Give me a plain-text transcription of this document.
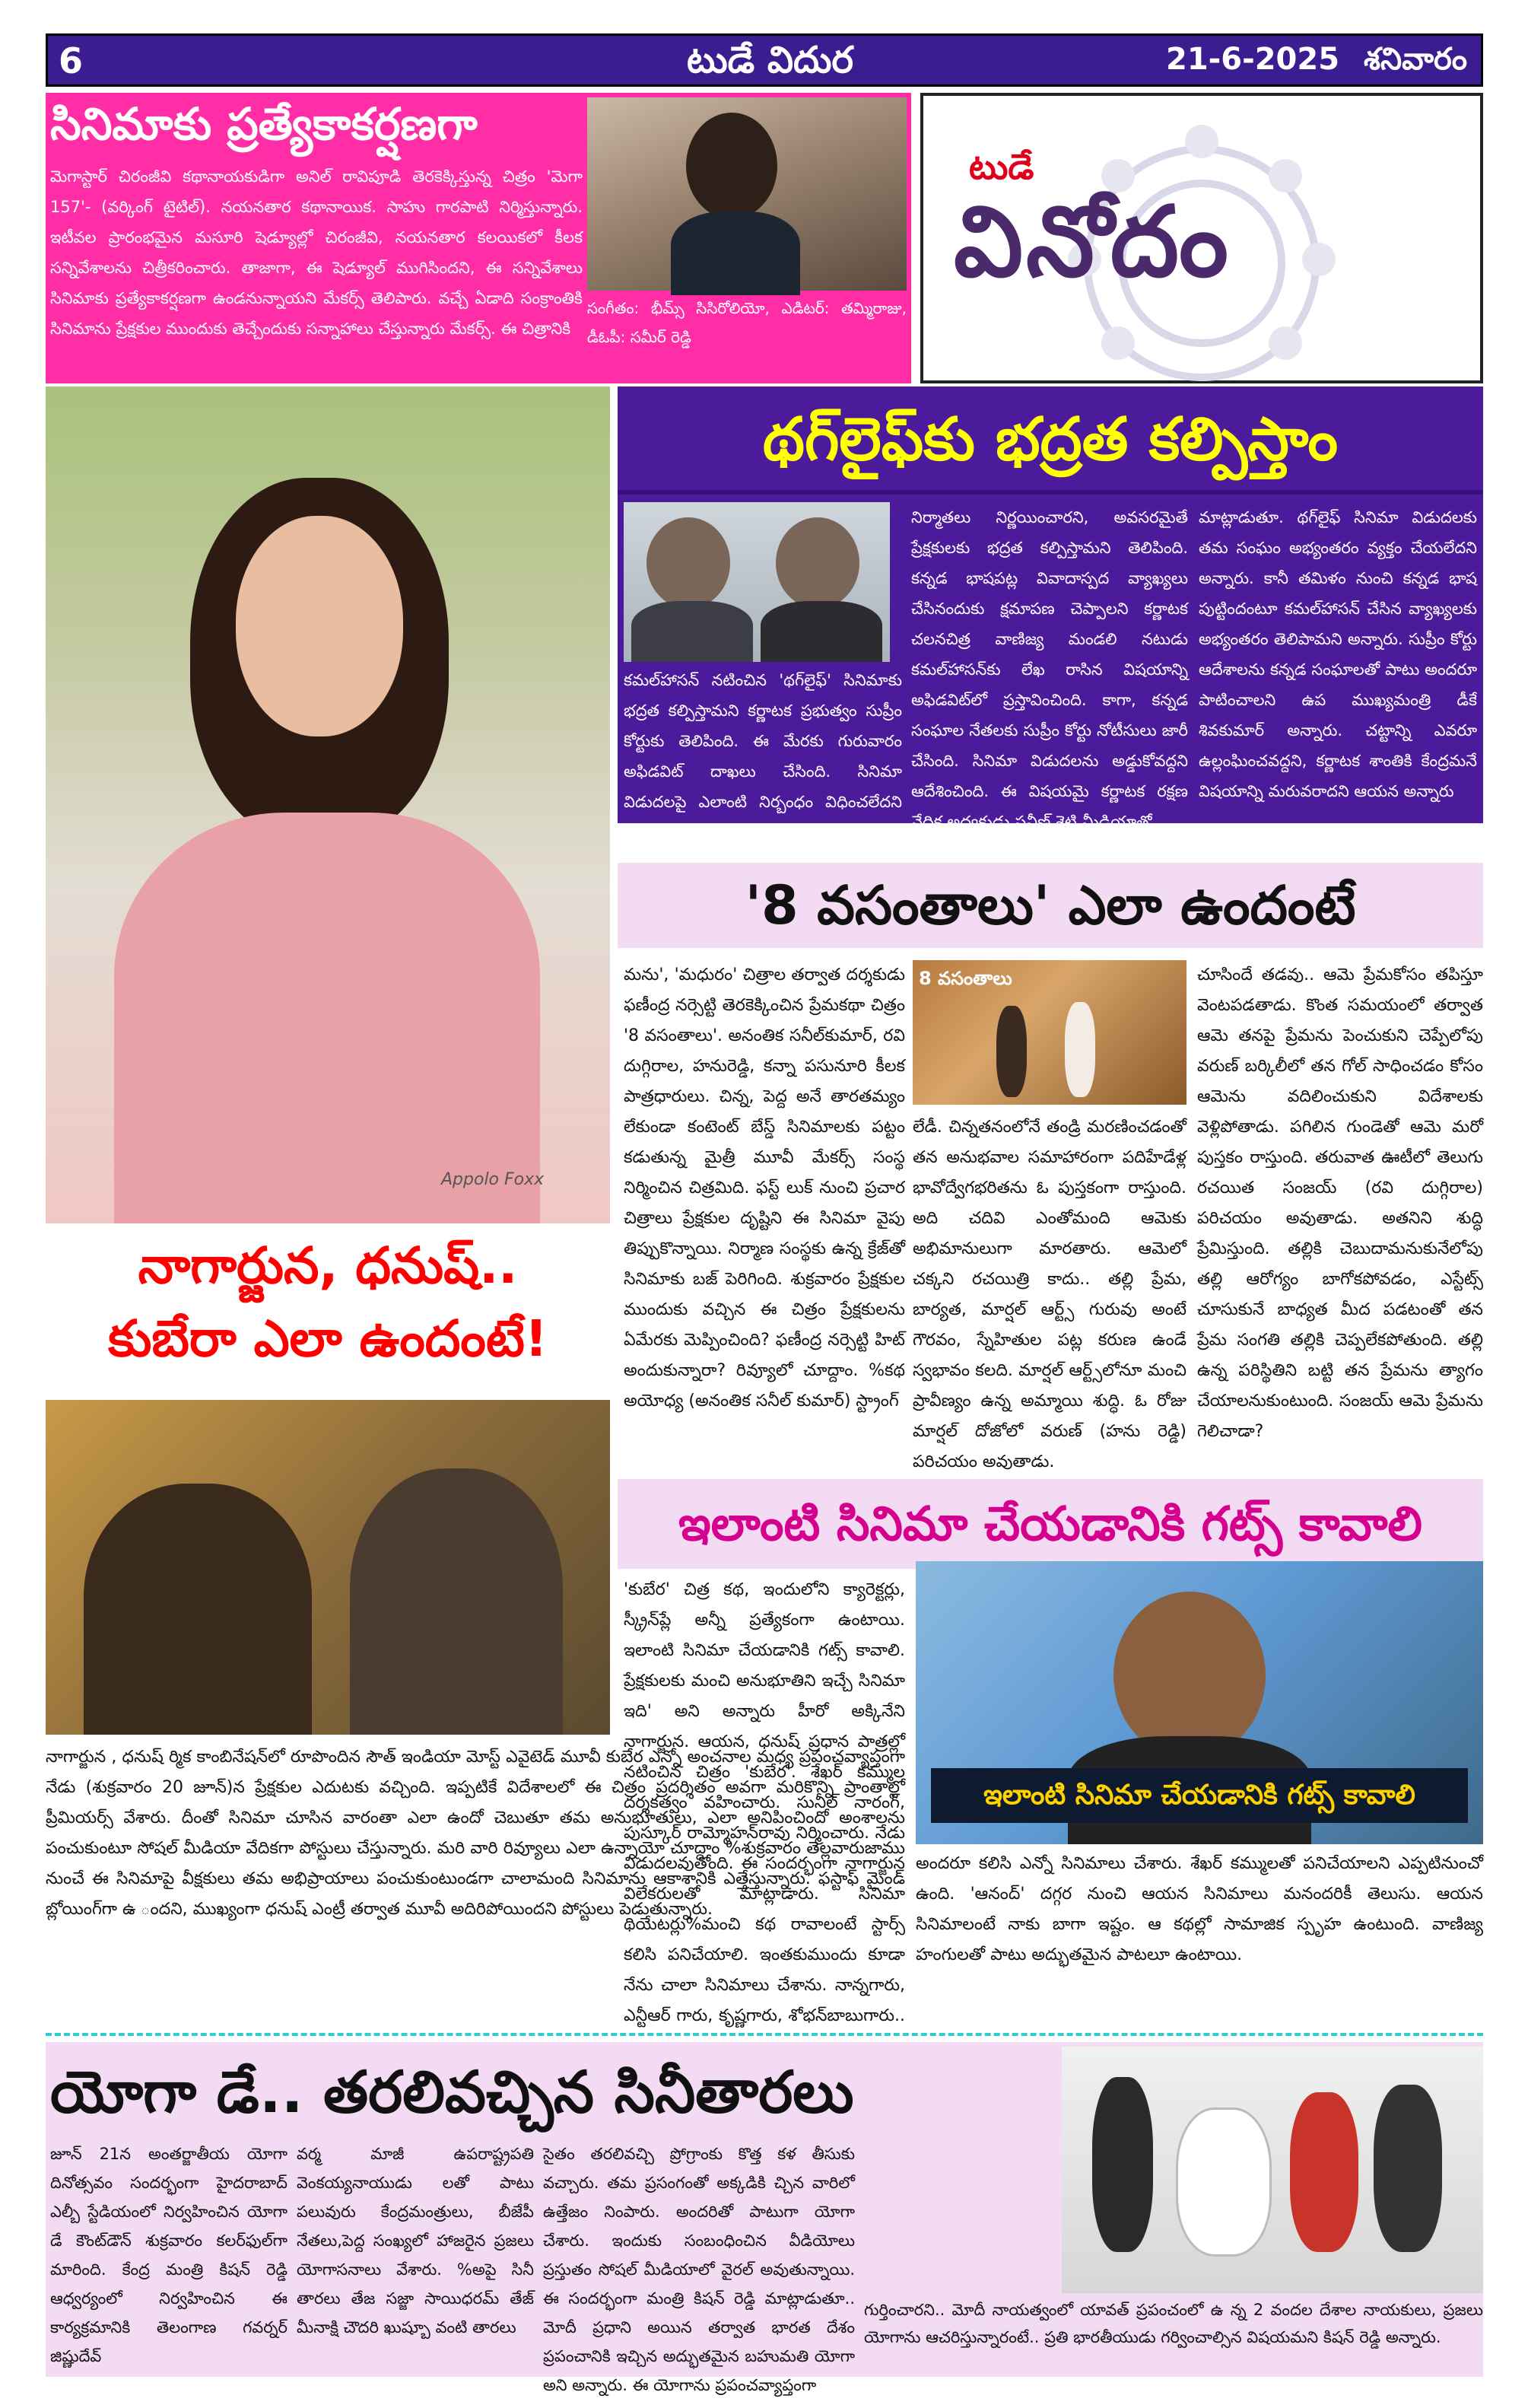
6	టుడే విదుర	21-6-2025 శనివారం
సినిమాకు ప్రత్యేకాకర్షణగా
మెగాస్టార్ చిరంజీవి కథానాయకుడిగా అనిల్ రావిపూడి తెరకెక్కిస్తున్న చిత్రం 'మెగా 157'- (వర్కింగ్ టైటిల్). నయనతార కథానాయిక. సాహు గారపాటి నిర్మిస్తున్నారు. ఇటీవల ప్రారంభమైన మసూరి షెడ్యూల్లో చిరంజీవి, నయనతార కలయికలో కీలక సన్నివేశాలను చిత్రీకరించారు. తాజాగా, ఈ షెడ్యూల్ ముగిసిందని, ఈ సన్నివేశాలు సినిమాకు ప్రత్యేకాకర్షణగా ఉండనున్నాయని మేకర్స్ తెలిపారు. వచ్చే ఏడాది సంక్రాంతికి సినిమాను ప్రేక్షకుల ముందుకు తెచ్చేందుకు సన్నాహాలు చేస్తున్నారు మేకర్స్. ఈ చిత్రానికి
సంగీతం: భీమ్స్ సిసిరోలియో, ఎడిటర్: తమ్మిరాజు, డీఓపీ: సమీర్ రెడ్డి
టుడే
వినోదం
Appolo Foxx
నాగార్జున, ధనుష్..
కుబేరా ఎలా ఉందంటే!
నాగార్జున , ధనుష్ ర్మిక కాంబినేషన్‌లో రూపొందిన సౌత్ ఇండియా మోస్ట్ ఎవైటెడ్ మూవీ కుబేర ఎన్నో అంచనాల మధ్య ప్రపంచవ్యాప్తంగా నేడు (శుక్రవారం 20 జూన్)న ప్రేక్షకుల ఎదుటకు వచ్చింది. ఇప్పటికే విదేశాలలో ఈ చిత్రం ప్రదర్శితం అవగా మరికొన్ని ప్రాంతాల్లో ప్రీమియర్స్ వేశారు. దీంతో సినిమా చూసిన వారంతా ఎలా ఉందో చెబుతూ తమ అనుభూతులు, ఎలా అనిపించిందో అంశాలను పంచుకుంటూ సోషల్ మీడియా వేదికగా పోస్టులు చేస్తున్నారు. మరి వారి రివ్యూలు ఎలా ఉన్నాయో చూద్దాం %శుక్రవారం తెల్లవారుజాము నుంచే ఈ సినిమాపై వీక్షకులు తమ అభిప్రాయాలు పంచుకుంటుండగా చాలామంది సినిమాను ఆకాశానికి ఎత్తేస్తున్నారు. ఫస్టాఫ్ మైండ్ బ్లోయింగ్‌గా ఉ ందని, ముఖ్యంగా ధనుష్ ఎంట్రీ తర్వాత మూవీ అదిరిపోయిందని పోస్టులు పెడుతున్నారు.
థగ్‌లైఫ్‌కు భద్రత కల్పిస్తాం
కమల్‌హాసన్ నటించిన 'థగ్‌లైఫ్' సినిమాకు భద్రత కల్పిస్తామని కర్ణాటక ప్రభుత్వం సుప్రీం కోర్టుకు తెలిపింది. ఈ మేరకు గురువారం అఫిడవిట్ దాఖలు చేసింది. సినిమా విడుదలపై ఎలాంటి నిర్బంధం విధించలేదని అందులో పేర్కొంది. కర్ణాటక వ్యాప్తంగా సినిమా
నిర్మాతలు నిర్ణయించారని, అవసరమైతే ప్రేక్షకులకు భద్రత కల్పిస్తామని తెలిపింది. కన్నడ భాషపట్ల వివాదాస్పద వ్యాఖ్యలు చేసినందుకు క్షమాపణ చెప్పాలని కర్ణాటక చలనచిత్ర వాణిజ్య మండలి నటుడు కమల్‌హాసన్‌కు లేఖ రాసిన విషయాన్ని అఫిడవిట్‌లో ప్రస్తావించింది. కాగా, కన్నడ సంఘాల నేతలకు సుప్రీం కోర్టు నోటీసులు జారీ చేసింది. సినిమా విడుదలను అడ్డుకోవద్దని ఆదేశించింది. ఈ విషయమై కర్ణాటక రక్షణ వేదిక అధ్యక్షుడు ప్రవీణ్ శెట్టి మీడియాతో
మాట్లాడుతూ. థగ్‌లైఫ్ సినిమా విడుదలకు తమ సంఘం అభ్యంతరం వ్యక్తం చేయలేదని అన్నారు. కానీ తమిళం నుంచి కన్నడ భాష పుట్టిందంటూ కమల్‌హాసన్ చేసిన వ్యాఖ్యలకు అభ్యంతరం తెలిపామని అన్నారు. సుప్రీం కోర్టు ఆదేశాలను కన్నడ సంఘాలతో పాటు అందరూ పాటించాలని ఉప ముఖ్యమంత్రి డీకే శివకుమార్ అన్నారు. చట్టాన్ని ఎవరూ ఉల్లంఘించవద్దని, కర్ణాటక శాంతికి కేంద్రమనే విషయాన్ని మరువరాదని ఆయన అన్నారు
'8 వసంతాలు' ఎలా ఉందంటే
మను', 'మధురం' చిత్రాల తర్వాత దర్శకుడు ఫణీంద్ర నర్సెట్టి తెరకెక్కించిన ప్రేమకథా చిత్రం '8 వసంతాలు'. అనంతిక సనీల్‌కుమార్, రవి దుగ్గిరాల, హనురెడ్డి, కన్నా పసునూరి కీలక పాత్రధారులు. చిన్న, పెద్ద అనే తారతమ్యం లేకుండా కంటెంట్ బేస్డ్ సినిమాలకు పట్టం కడుతున్న మైత్రీ మూవీ మేకర్స్ సంస్థ నిర్మించిన చిత్రమిది. ఫస్ట్ లుక్ నుంచి ప్రచార చిత్రాలు ప్రేక్షకుల దృష్టిని ఈ సినిమా వైపు తిప్పుకొన్నాయి. నిర్మాణ సంస్థకు ఉన్న క్రేజ్‌తో సినిమాకు బజ్ పెరిగింది. శుక్రవారం ప్రేక్షకుల ముందుకు వచ్చిన ఈ చిత్రం ప్రేక్షకులను ఏమేరకు మెప్పించింది? ఫణీంద్ర నర్సెట్టి హిట్ అందుకున్నారా? రివ్యూలో చూద్దాం. %కథ అయోధ్య (అనంతిక సనీల్ కుమార్) స్ట్రాంగ్
8 వసంతాలు
లేడీ. చిన్నతనంలోనే తండ్రి మరణించడంతో తన అనుభవాల సమాహారంగా పదిహేడేళ్ల భావోద్వేగభరితను ఓ పుస్తకంగా రాస్తుంది. అది చదివి ఎంతోమంది ఆమెకు అభిమానులుగా మారతారు. ఆమెలో చక్కని రచయిత్రి కాదు.. తల్లి ప్రేమ, బార్యత, మార్షల్ ఆర్ట్స్ గురువు అంటే గౌరవం, స్నేహితుల పట్ల కరుణ ఉండే స్వభావం కలది. మార్షల్ ఆర్ట్స్‌లోనూ మంచి ప్రావీణ్యం ఉన్న అమ్మాయి శుద్ధి. ఓ రోజు మార్షల్ దోజోలో వరుణ్ (హను రెడ్డి) పరిచయం అవుతాడు.
చూసిందే తడవు.. ఆమె ప్రేమకోసం తపిస్తూ వెంటపడతాడు. కొంత సమయంలో తర్వాత ఆమె తనపై ప్రేమను పెంచుకుని చెప్పేలోపు వరుణ్ బర్కిలీలో తన గోల్ సాధించడం కోసం ఆమెను వదిలించుకుని విదేశాలకు వెళ్లిపోతాడు. పగిలిన గుండెతో ఆమె మరో పుస్తకం రాస్తుంది. తరువాత ఊటీలో తెలుగు రచయిత సంజయ్ (రవి దుగ్గిరాల) పరిచయం అవుతాడు. అతనిని శుద్ధి ప్రేమిస్తుంది. తల్లికి చెబుదామనుకునేలోపు తల్లి ఆరోగ్యం బాగోకపోవడం, ఎస్టేట్స్ చూసుకునే బాధ్యత మీద పడటంతో తన ప్రేమ సంగతి తల్లికి చెప్పలేకపోతుంది. తల్లి ఉన్న పరిస్థితిని బట్టి తన ప్రేమను త్యాగం చేయాలనుకుంటుంది. సంజయ్ ఆమె ప్రేమను గెలిచాడా?
ఇలాంటి సినిమా చేయడానికి గట్స్ కావాలి
'కుబేర' చిత్ర కథ, ఇందులోని క్యారెక్టర్లు, స్క్రీన్‌ప్లే అన్నీ ప్రత్యేకంగా ఉంటాయి. ఇలాంటి సినిమా చేయడానికి గట్స్ కావాలి. ప్రేక్షకులకు మంచి అనుభూతిని ఇచ్చే సినిమా ఇది' అని అన్నారు హీరో అక్కినేని నాగార్జున. ఆయన, ధనుష్ ప్రధాన పాత్రల్లో నటించిన చిత్రం 'కుబేర'. శేఖర్ కమ్ముల దర్శకత్వం వహించారు. సునీల్ నారంగ్, పుస్కూర్ రామ్మోహన్‌రావు నిర్మించారు. నేడు విడుదలవుతోంది. ఈ సందర్భంగా నాగార్జున విలేకరులతో మాట్లాడారు. సినిమా థియేటర్లు%మంచి కథ రావాలంటే స్టార్స్ కలిసి పనిచేయాలి. ఇంతకుముందు కూడా నేను చాలా సినిమాలు చేశాను. నాన్నగారు, ఎన్టీఆర్ గారు, కృష్ణగారు, శోభన్‌బాబుగారు..
ఇలాంటి సినిమా చేయడానికి గట్స్ కావాలి
అందరూ కలిసి ఎన్నో సినిమాలు చేశారు. శేఖర్ కమ్ములతో పనిచేయాలని ఎప్పటినుంచో ఉంది. 'ఆనంద్' దగ్గర నుంచి ఆయన సినిమాలు మనందరికీ తెలుసు. ఆయన సినిమాలంటే నాకు బాగా ఇష్టం. ఆ కథల్లో సామాజిక స్పృహ ఉంటుంది. వాణిజ్య హంగులతో పాటు అద్భుతమైన పాటలూ ఉంటాయి.
యోగా డే.. తరలివచ్చిన సినీతారలు
జూన్ 21న అంతర్జాతీయ యోగా దినోత్సవం సందర్భంగా హైదరాబాద్ ఎల్బీ స్టేడియంలో నిర్వహించిన యోగా డే కౌంట్‌డౌన్ శుక్రవారం కలర్‌ఫుల్‌గా మారింది. కేంద్ర మంత్రి కిషన్ రెడ్డి ఆధ్వర్యంలో నిర్వహించిన ఈ కార్యక్రమానికి తెలంగాణ గవర్నర్ జిష్ణుదేవ్
వర్మ మాజీ ఉపరాష్ట్రపతి వెంకయ్యనాయుడు లతో పాటు పలువురు కేంద్రమంత్రులు, బీజేపీ నేతలు,పెద్ద సంఖ్యలో హాజరైన ప్రజలు యోగాసనాలు వేశారు. %అపై సినీ తారలు తేజ సజ్జా సాయిధరమ్ తేజ్ మీనాక్షి చౌదరి ఖుష్బూ వంటి తారలు
సైతం తరలివచ్చి ప్రోగ్రాంకు కొత్త కళ తీసుకు వచ్చారు. తమ ప్రసంగంతో అక్కడికి చ్చిన వారిలో ఉత్తేజం నింపారు. అందరితో పాటుగా యోగా చేశారు. ఇందుకు సంబంధించిన వీడియోలు ప్రస్తుతం సోషల్ మీడియాలో వైరల్ అవుతున్నాయి. ఈ సందర్భంగా మంత్రి కిషన్ రెడ్డి మాట్లాడుతూ.. మోదీ ప్రధాని అయిన తర్వాత భారత దేశం ప్రపంచానికి ఇచ్చిన అద్భుతమైన బహుమతి యోగా అని అన్నారు. ఈ యోగాను ప్రపంచవ్యాప్తంగా
గుర్తించారని.. మోదీ నాయత్వంలో యావత్ ప్రపంచంలో ఉ న్న 2 వందల దేశాల నాయకులు, ప్రజలు యోగాను ఆచరిస్తున్నారంటే.. ప్రతి భారతీయుడు గర్వించాల్సిన విషయమని కిషన్ రెడ్డి అన్నారు.
